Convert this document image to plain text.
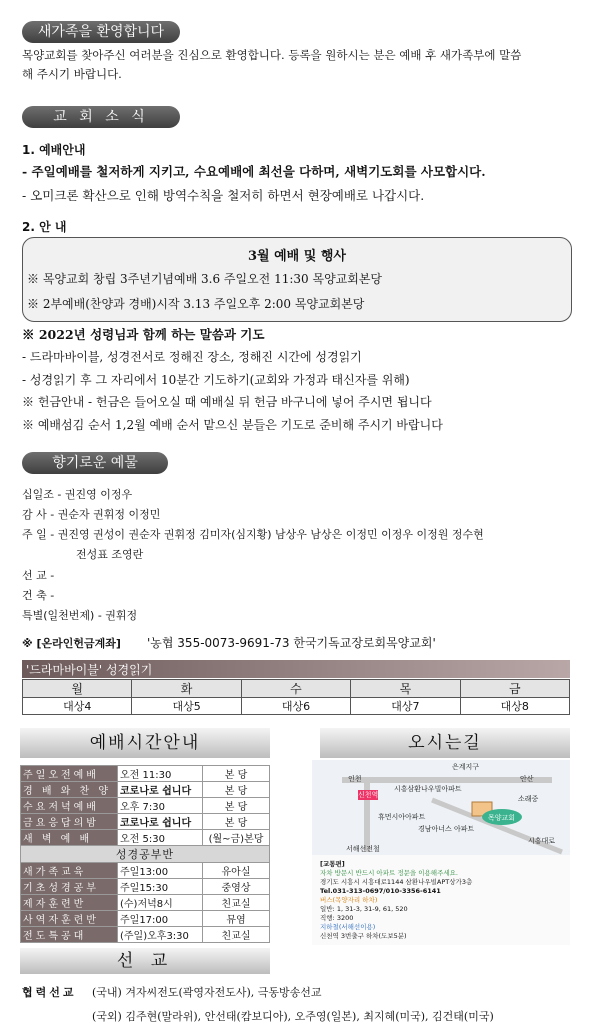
새가족을 환영합니다
목양교회를 찾아주신 여러분을 진심으로 환영합니다. 등록을 원하시는 분은 예배 후 새가족부에 말씀
해 주시기 바랍니다.
교 회 소 식
1. 예배안내
- 주일예배를 철저하게 지키고, 수요예배에 최선을 다하며, 새벽기도회를 사모합시다.
- 오미크론 확산으로 인해 방역수칙을 철저히 하면서 현장예배로 나갑시다.
2. 안 내
3월 예배 및 행사
※ 목양교회 창립 3주년기념예배 3.6 주일오전 11:30 목양교회본당
※ 2부예배(찬양과 경배)시작 3.13 주일오후 2:00 목양교회본당
※ 2022년 성령님과 함께 하는 말씀과 기도
- 드라마바이블, 성경전서로 정해진 장소, 정해진 시간에 성경읽기
- 성경읽기 후 그 자리에서 10분간 기도하기(교회와 가정과 태신자를 위해)
※ 헌금안내 - 헌금은 들어오실 때 예배실 뒤 헌금 바구니에 넣어 주시면 됩니다
※ 예배섬김 순서 1,2월 예배 순서 맡으신 분들은 기도로 준비해 주시기 바랍니다
향기로운 예물
십일조 - 권진영 이정우
감 사 - 권순자 권휘정 이정민
주 일 - 권진영 권성이 권순자 권휘정 김미자(심지황) 남상우 남상은 이정민 이정우 이정원 정수현
전성표 조영란
선 교 -
건 축 -
특별(일천번제) - 권휘정
※ [온라인헌금계좌] '농협 355-0073-9691-73 한국기독교장로회목양교회'
'드라마바이블' 성경읽기
월	화	수	목	금
대상4	대상5	대상6	대상7	대상8
예배시간안내
주일오전예배	오전 11:30	본 당
경 배 와 찬 양	코로나로 쉽니다	본 당
수요저녁예배	오후 7:30	본 당
금요응답의밤	코로나로 쉽니다	본 당
새 벽 예 배	오전 5:30	(월~금)본당
성경공부반		
새가족교육	주일13:00	유아실
기초성경공부	주일15:30	중영상
제자훈련반	(수)저녁8시	친교실
사역자훈련반	주일17:00	뮤염
전도특공대	(주일)오후3:30	친교실
오시는길
은계지구
안산
인천
시흥삼환나우빌아파트
소래중
신천역
휴먼시아아파트
경남아너스 아파트
목양교회
시흥대로
서해선전철
[교통편]
자차 방문시 반드시 아파트 정문을 이용해주세요.
경기도 시흥시 시흥대로1144 삼환나우빌APT상가3층
Tel.031-313-0697/010-3356-6141
버스(목양자리 하차)
일반: 1, 31-3, 31-9, 61, 520
직행: 3200
지하철(서해선이용)
신천역 3번출구 하차(도보5분)
선 교
협력선교 (국내) 겨자씨전도(곽영자전도사), 극동방송선교
(국외) 김주현(말라위), 안선태(캄보디아), 오주영(일본), 최지혜(미국), 김건태(미국)
